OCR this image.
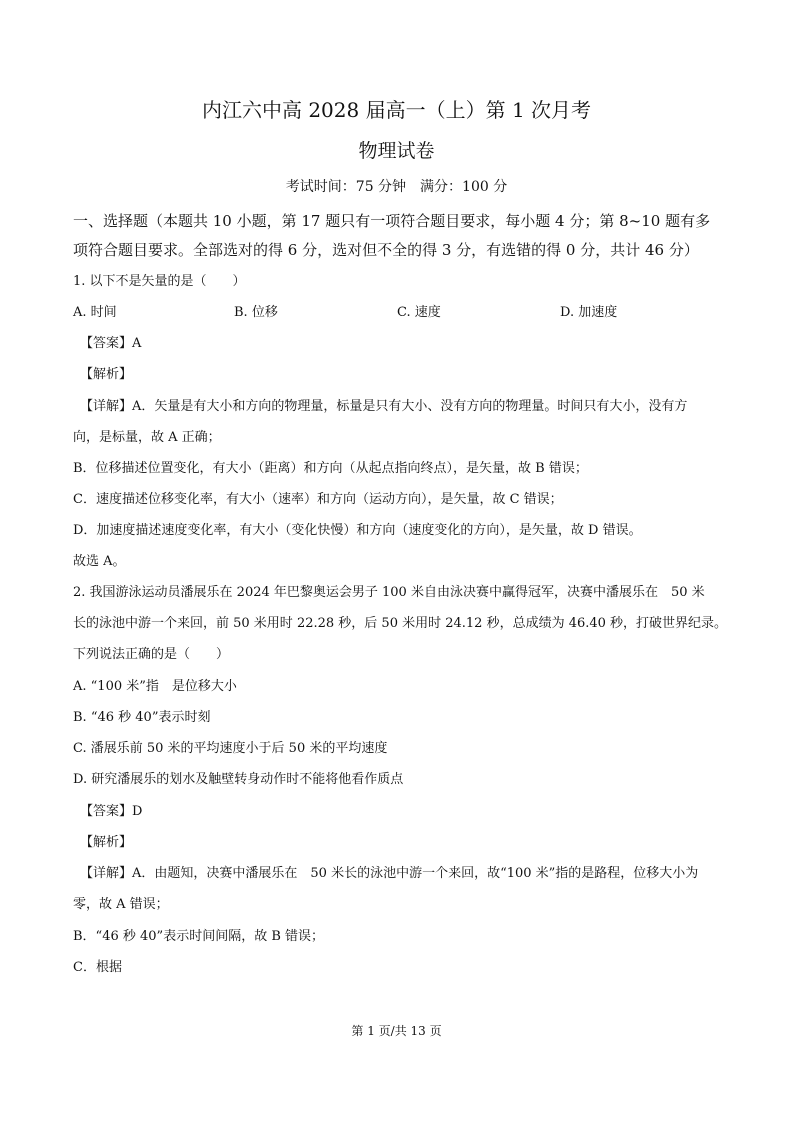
内江六中高 2028 届高一（上）第 1 次月考
物理试卷
考试时间：75 分钟　满分：100 分
一、选择题（本题共 10 小题，第 17 题只有一项符合题目要求，每小题 4 分；第 8~10 题有多
项符合题目要求。全部选对的得 6 分，选对但不全的得 3 分，有选错的得 0 分，共计 46 分）
1. 以下不是矢量的是（　　）
A. 时间	B. 位移	C. 速度	D. 加速度
【答案】A
【解析】
【详解】A．矢量是有大小和方向的物理量，标量是只有大小、没有方向的物理量。时间只有大小，没有方
向，是标量，故 A 正确；
B．位移描述位置变化，有大小（距离）和方向（从起点指向终点），是矢量，故 B 错误；
C．速度描述位移变化率，有大小（速率）和方向（运动方向），是矢量，故 C 错误；
D．加速度描述速度变化率，有大小（变化快慢）和方向（速度变化的方向），是矢量，故 D 错误。
故选 A。
2. 我国游泳运动员潘展乐在 2024 年巴黎奥运会男子 100 米自由泳决赛中赢得冠军，决赛中潘展乐在　50 米
长的泳池中游一个来回，前 50 米用时 22.28 秒，后 50 米用时 24.12 秒，总成绩为 46.40 秒，打破世界纪录。
下列说法正确的是（　　）
A. “100 米”指　是位移大小
B. “46 秒 40”表示时刻
C. 潘展乐前 50 米的平均速度小于后 50 米的平均速度
D. 研究潘展乐的划水及触壁转身动作时不能将他看作质点
【答案】D
【解析】
【详解】A．由题知，决赛中潘展乐在　50 米长的泳池中游一个来回，故“100 米”指的是路程，位移大小为
零，故 A 错误；
B．“46 秒 40”表示时间间隔，故 B 错误；
C．根据
第 1 页/共 13 页
